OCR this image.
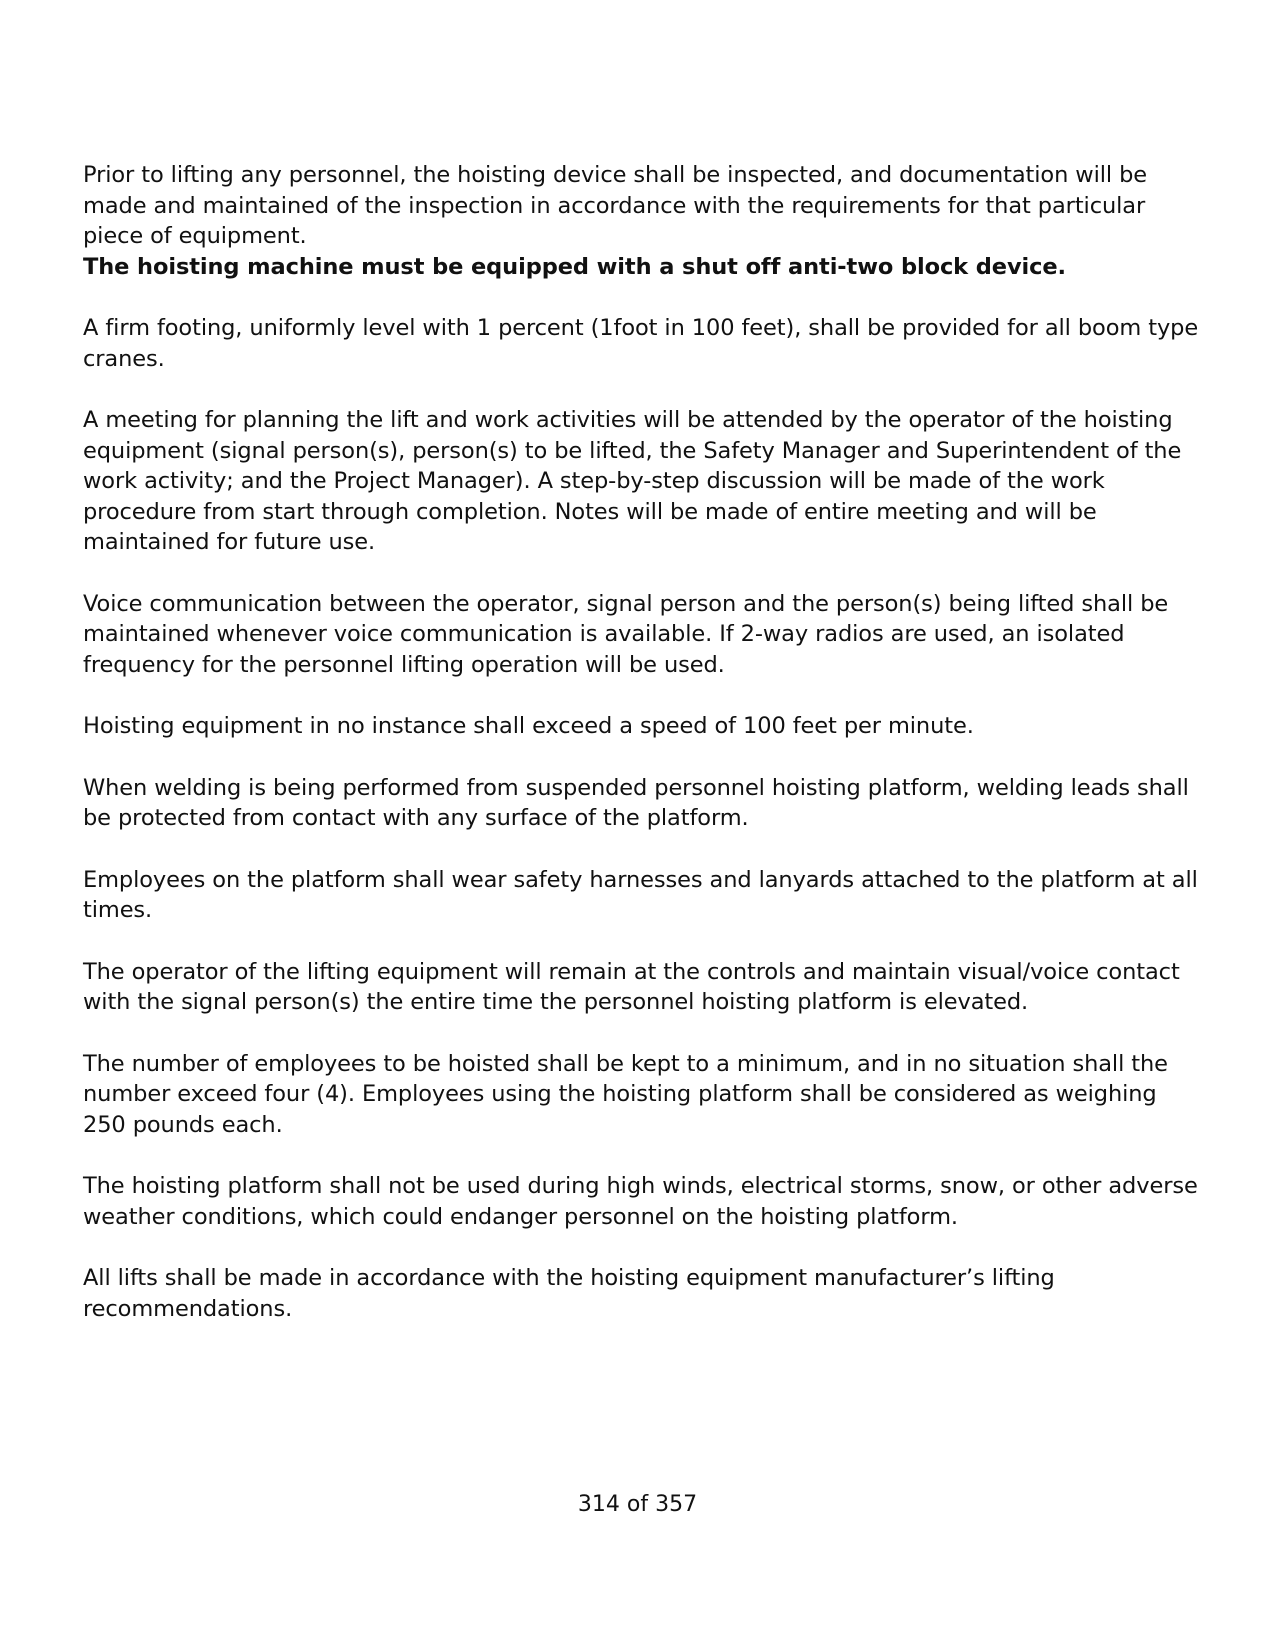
Prior to lifting any personnel, the hoisting device shall be inspected, and documentation will be made and maintained of the inspection in accordance with the requirements for that particular piece of equipment.

The hoisting machine must be equipped with a shut off anti-two block device.

A firm footing, uniformly level with 1 percent (1foot in 100 feet), shall be provided for all boom type cranes.

A meeting for planning the lift and work activities will be attended by the operator of the hoisting equipment (signal person(s), person(s) to be lifted, the Safety Manager and Superintendent of the work activity; and the Project Manager). A step-by-step discussion will be made of the work procedure from start through completion. Notes will be made of entire meeting and will be maintained for future use.

Voice communication between the operator, signal person and the person(s) being lifted shall be maintained whenever voice communication is available. If 2-way radios are used, an isolated frequency for the personnel lifting operation will be used.

Hoisting equipment in no instance shall exceed a speed of 100 feet per minute.

When welding is being performed from suspended personnel hoisting platform, welding leads shall be protected from contact with any surface of the platform.

Employees on the platform shall wear safety harnesses and lanyards attached to the platform at all times.

The operator of the lifting equipment will remain at the controls and maintain visual/voice contact with the signal person(s) the entire time the personnel hoisting platform is elevated.

The number of employees to be hoisted shall be kept to a minimum, and in no situation shall the number exceed four (4). Employees using the hoisting platform shall be considered as weighing 250 pounds each.

The hoisting platform shall not be used during high winds, electrical storms, snow, or other adverse weather conditions, which could endanger personnel on the hoisting platform.

All lifts shall be made in accordance with the hoisting equipment manufacturer’s lifting recommendations.

314 of 357
